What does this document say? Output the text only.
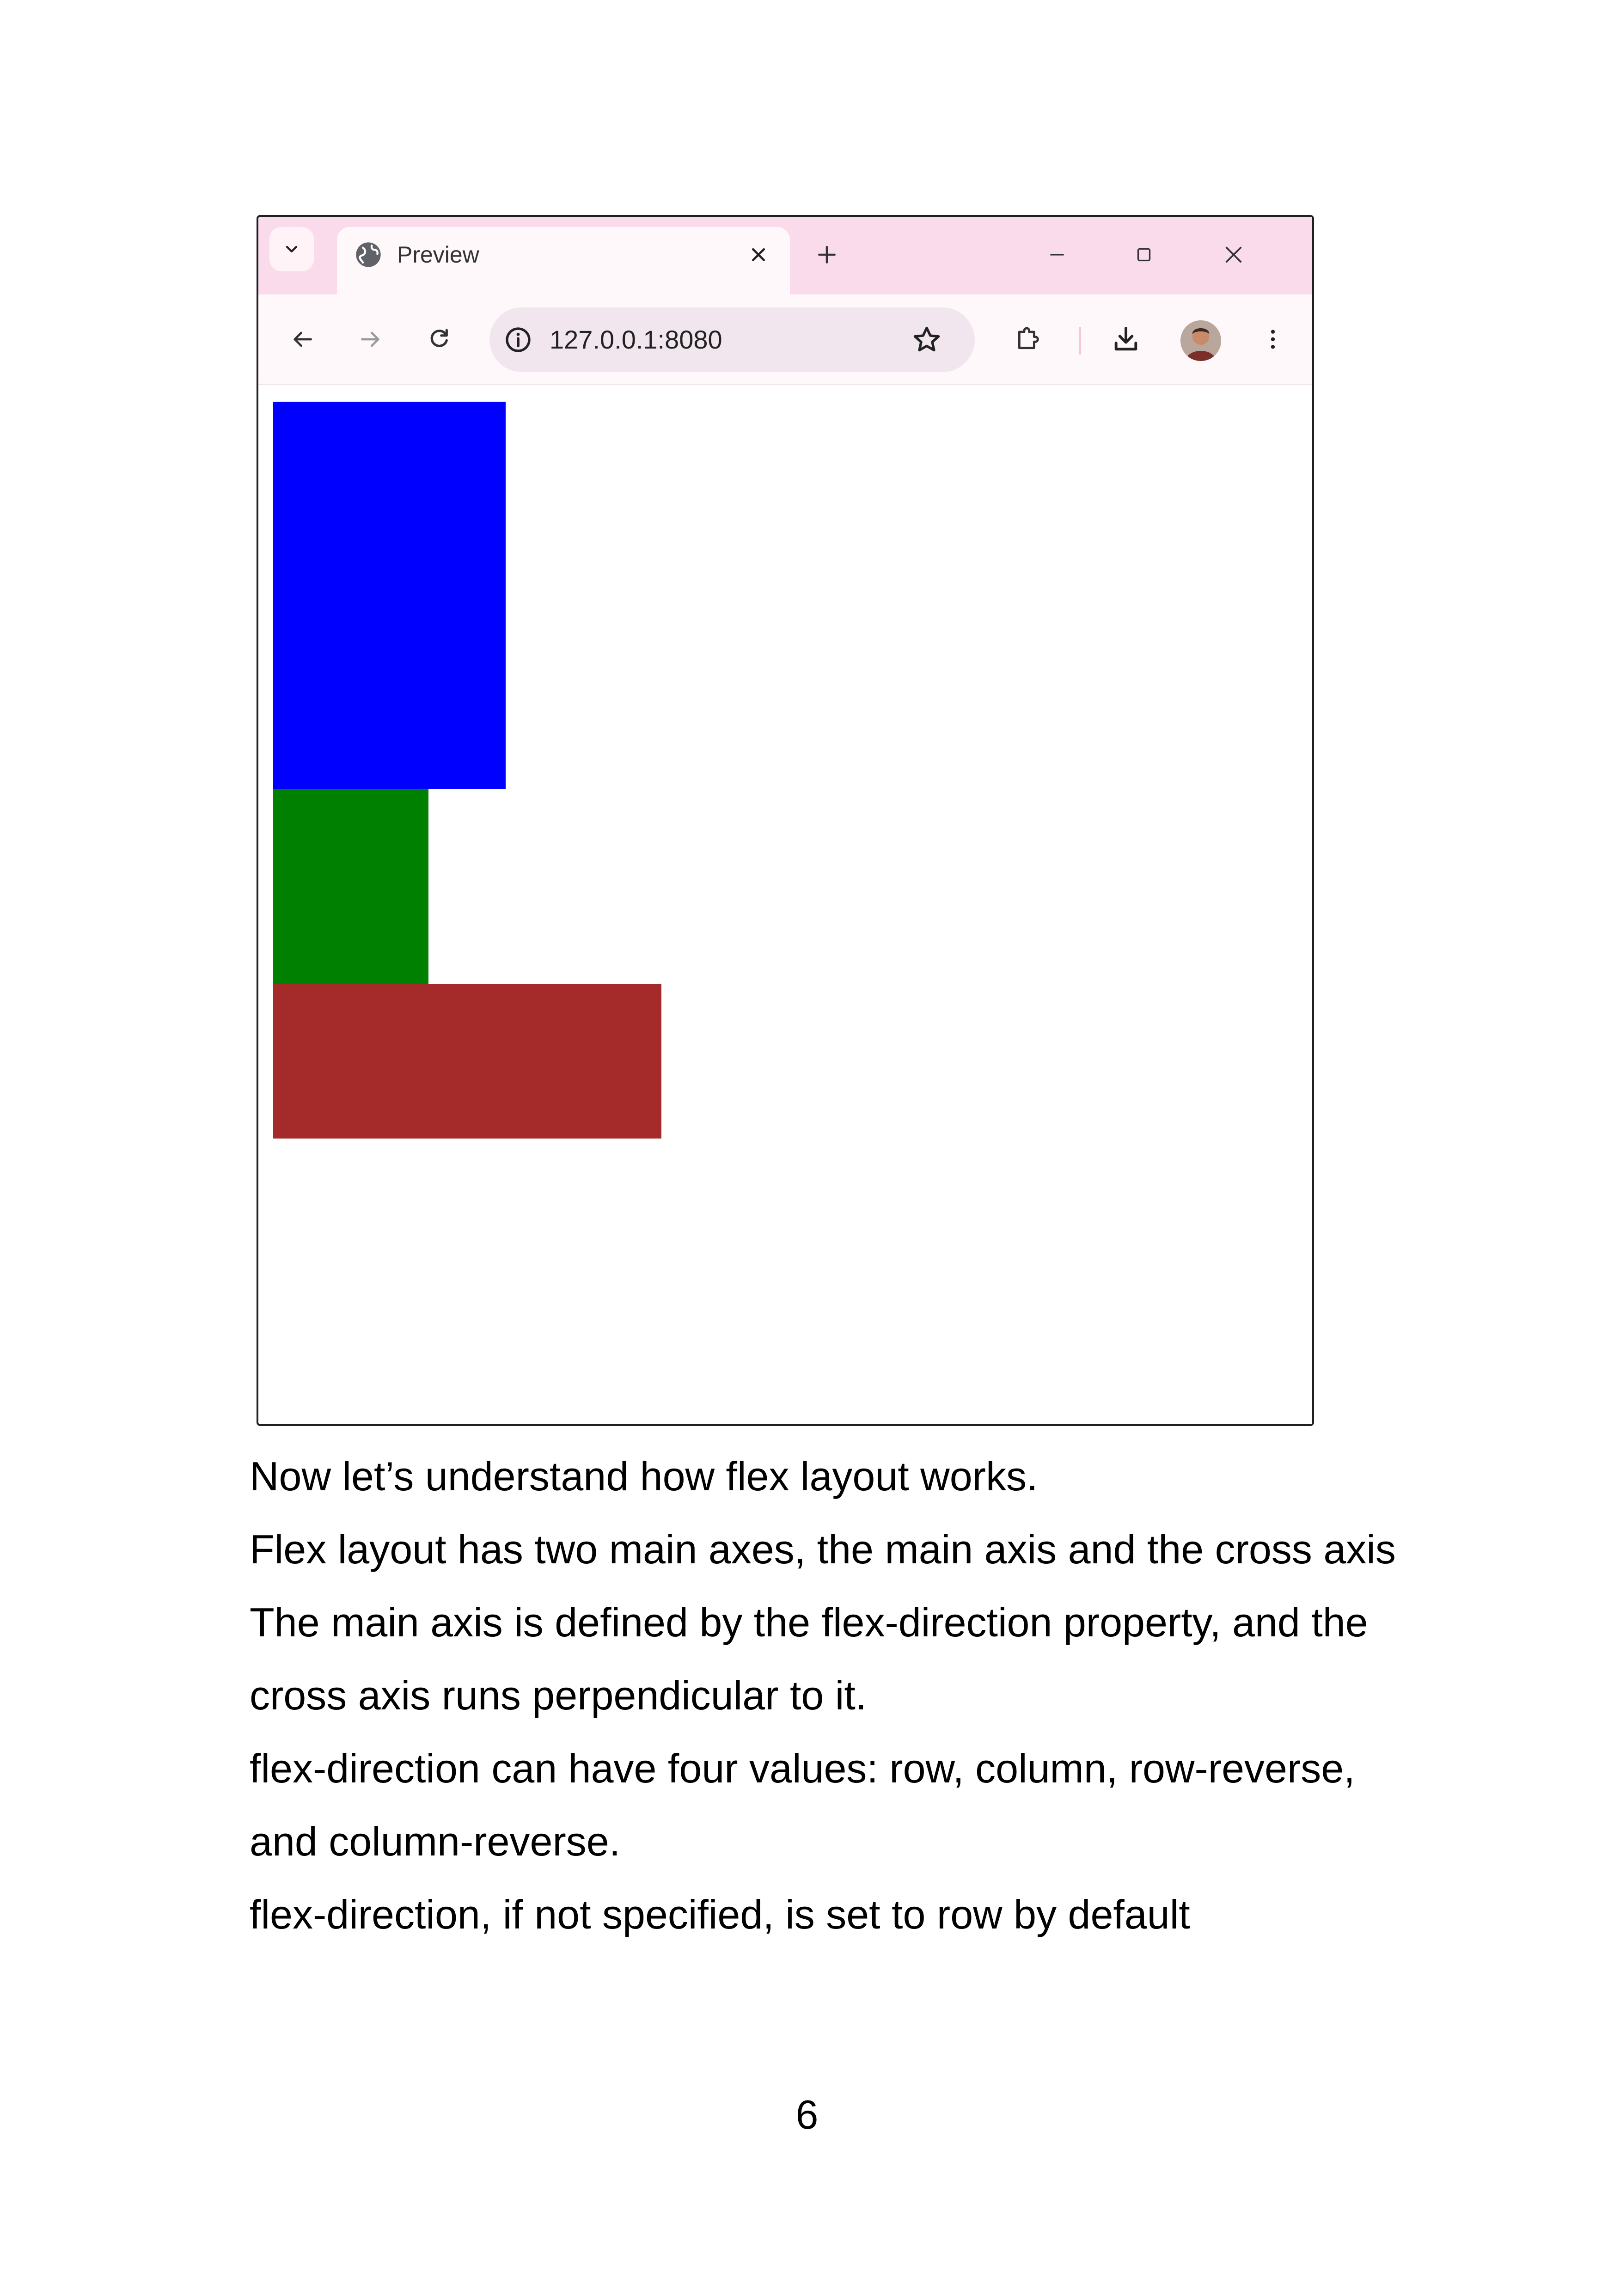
Preview
127.0.0.1:8080

Now let’s understand how flex layout works.

Flex layout has two main axes, the main axis and the cross axis

The main axis is defined by the flex-direction property, and the cross axis runs perpendicular to it.

flex-direction can have four values: row, column, row-reverse, and column-reverse.

flex-direction, if not specified, is set to row by default

6
